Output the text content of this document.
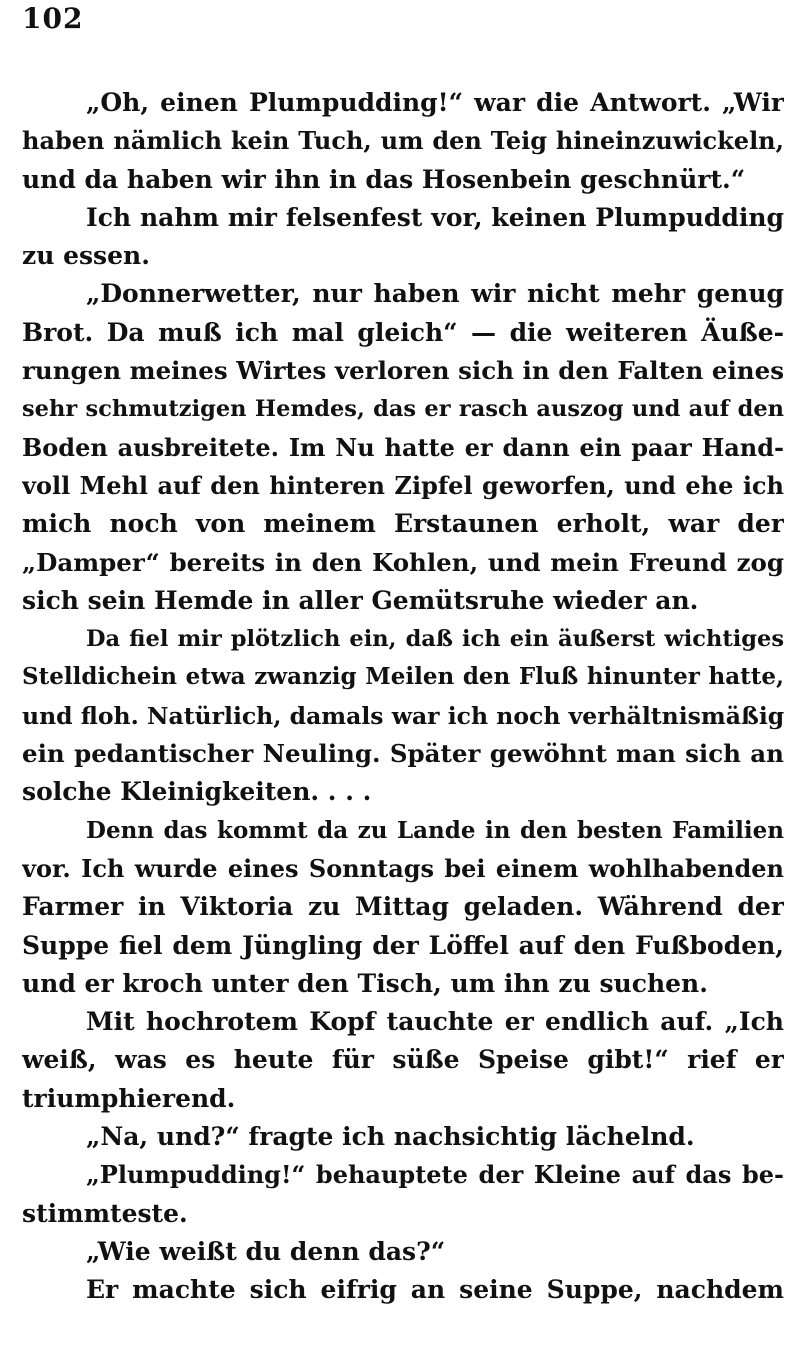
102
„Oh, einen Plumpudding!“ war die Antwort. „Wir
haben nämlich kein Tuch, um den Teig hineinzuwickeln,
und da haben wir ihn in das Hosenbein geschnürt.“
Ich nahm mir felsenfest vor, keinen Plumpudding
zu essen.
„Donnerwetter, nur haben wir nicht mehr genug
Brot. Da muß ich mal gleich“ — die weiteren Äuße-
rungen meines Wirtes verloren sich in den Falten eines
sehr schmutzigen Hemdes, das er rasch auszog und auf den
Boden ausbreitete. Im Nu hatte er dann ein paar Hand-
voll Mehl auf den hinteren Zipfel geworfen, und ehe ich
mich noch von meinem Erstaunen erholt, war der
„Damper“ bereits in den Kohlen, und mein Freund zog
sich sein Hemde in aller Gemütsruhe wieder an.
Da fiel mir plötzlich ein, daß ich ein äußerst wichtiges
Stelldichein etwa zwanzig Meilen den Fluß hinunter hatte,
und floh. Natürlich, damals war ich noch verhältnismäßig
ein pedantischer Neuling. Später gewöhnt man sich an
solche Kleinigkeiten. . . .
Denn das kommt da zu Lande in den besten Familien
vor. Ich wurde eines Sonntags bei einem wohlhabenden
Farmer in Viktoria zu Mittag geladen. Während der
Suppe fiel dem Jüngling der Löffel auf den Fußboden,
und er kroch unter den Tisch, um ihn zu suchen.
Mit hochrotem Kopf tauchte er endlich auf. „Ich
weiß, was es heute für süße Speise gibt!“ rief er
triumphierend.
„Na, und?“ fragte ich nachsichtig lächelnd.
„Plumpudding!“ behauptete der Kleine auf das be-
stimmteste.
„Wie weißt du denn das?“
Er machte sich eifrig an seine Suppe, nachdem
